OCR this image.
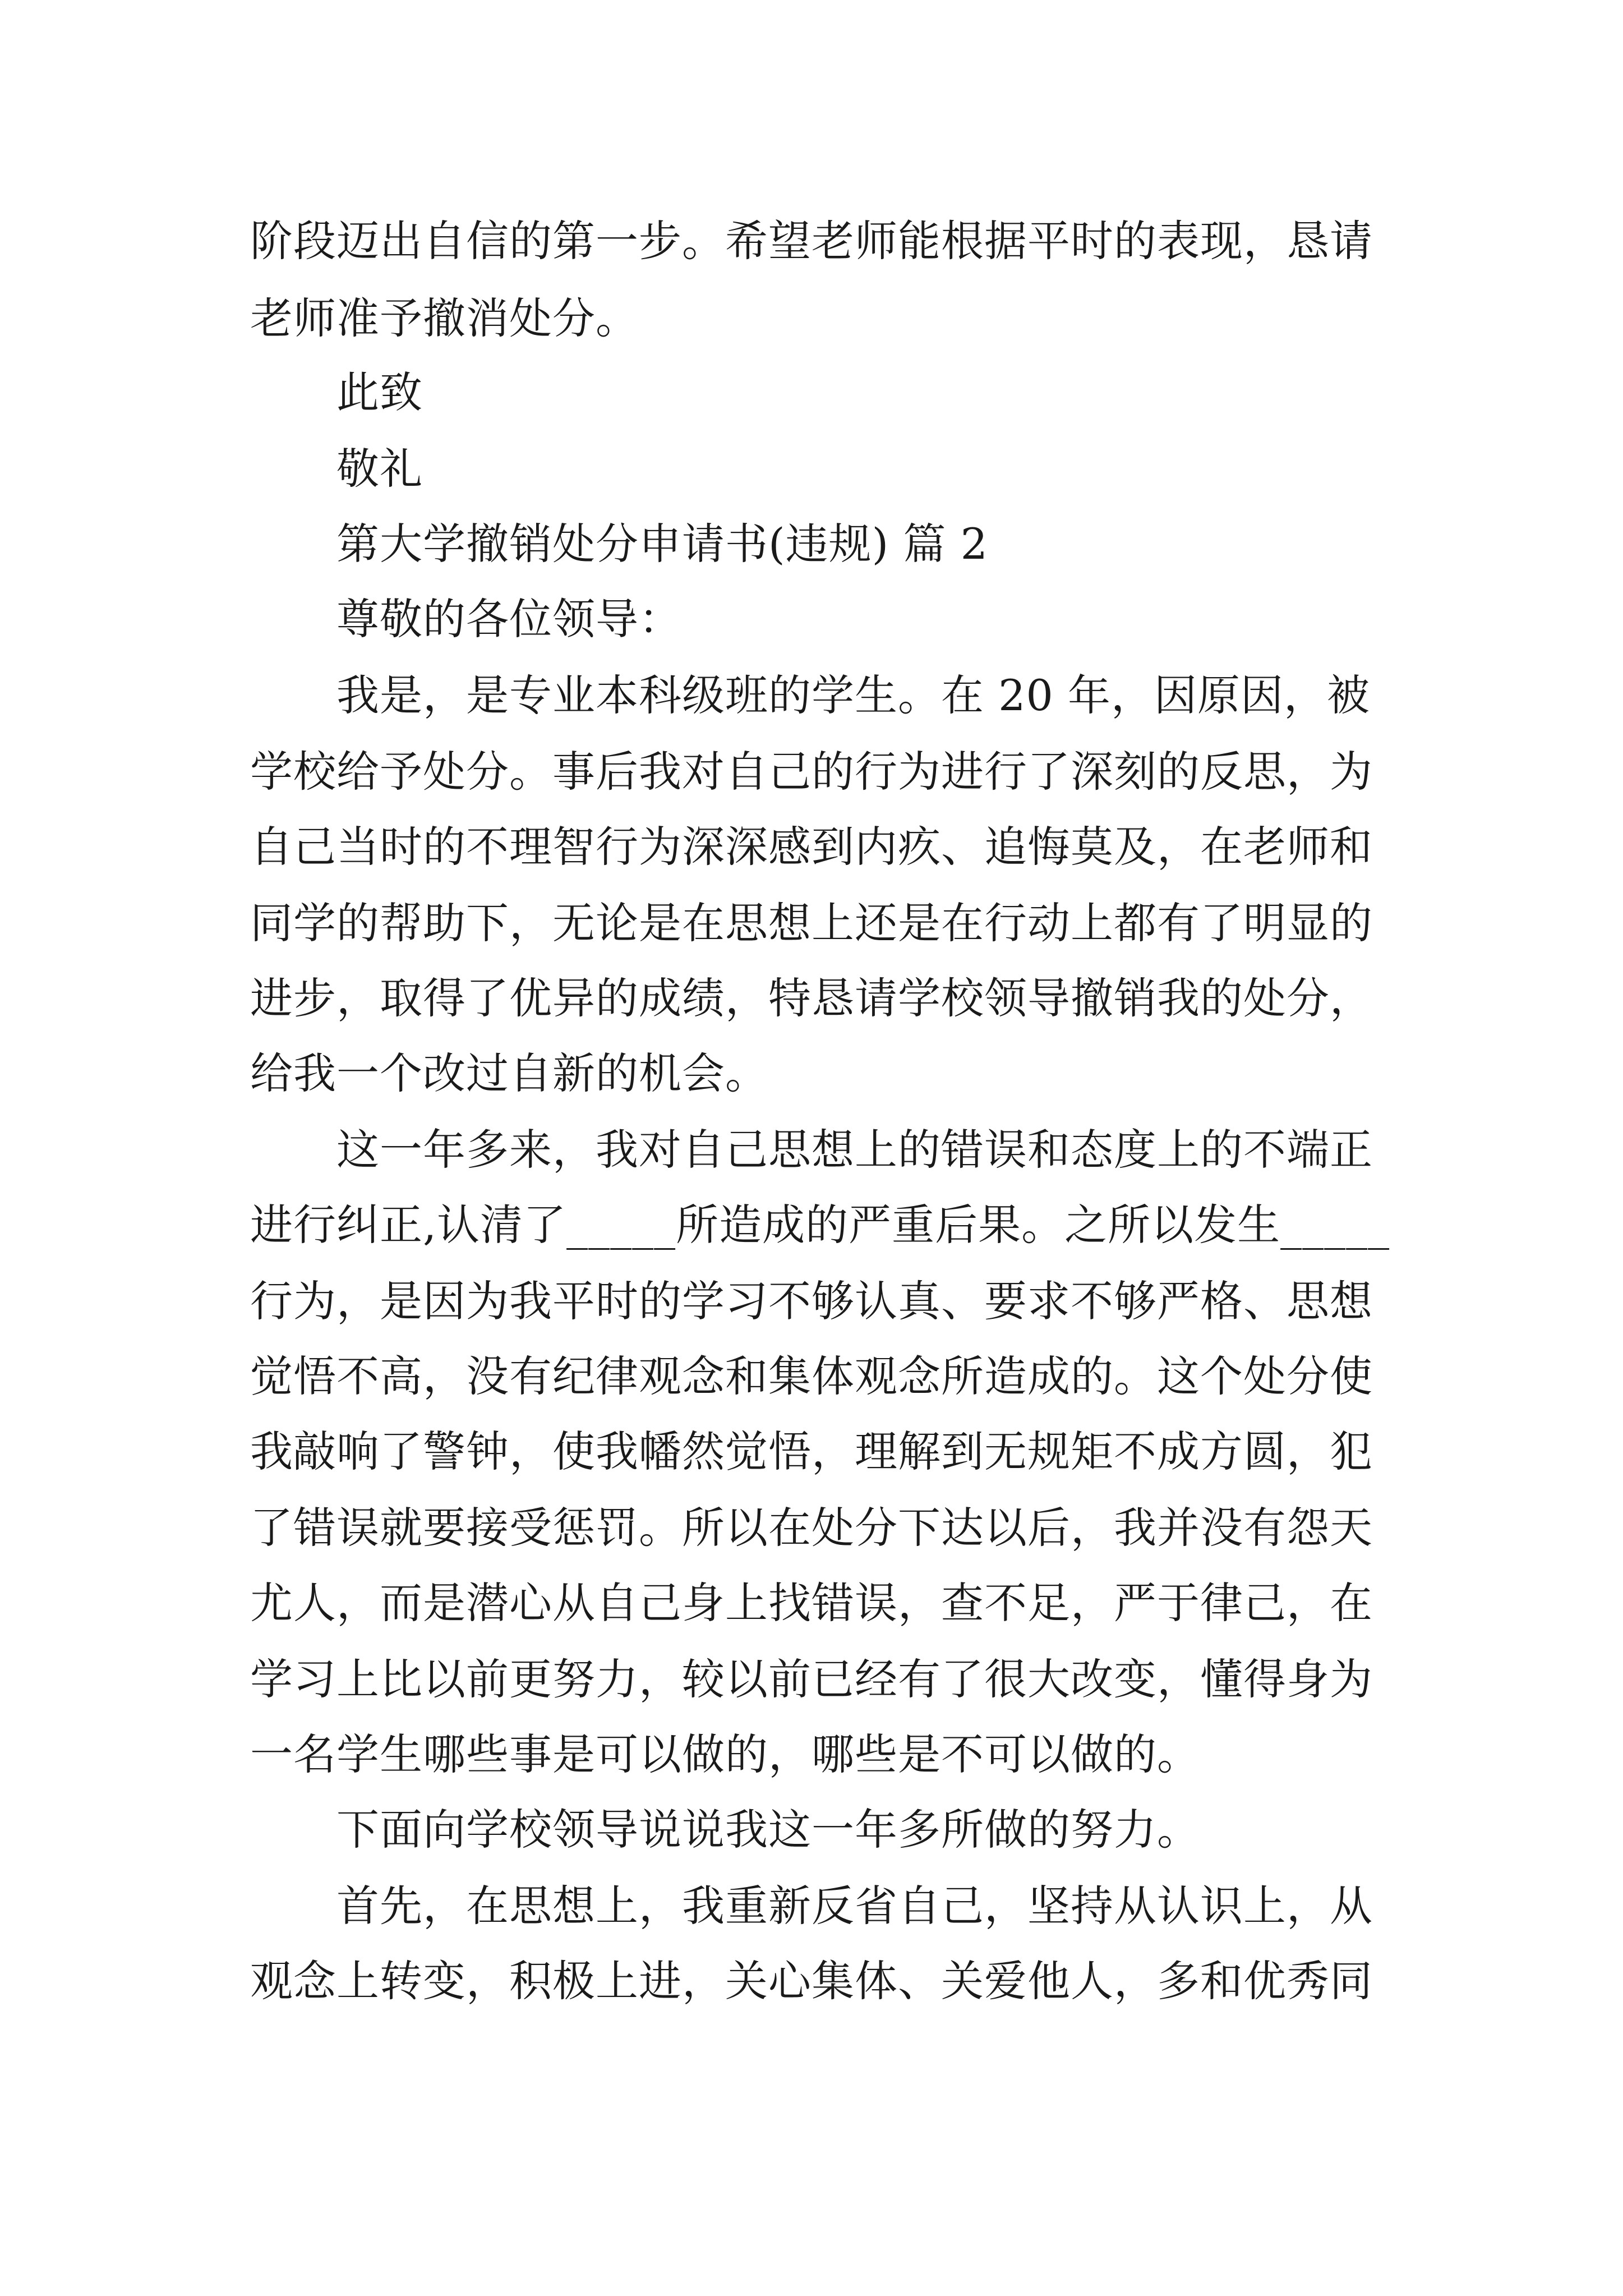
阶段迈出自信的第一步。希望老师能根据平时的表现，恳请
老师准予撤消处分。
此致
敬礼
第大学撤销处分申请书(违规) 篇 2
尊敬的各位领导：
我是，是专业本科级班的学生。在 20 年，因原因，被
学校给予处分。事后我对自己的行为进行了深刻的反思，为
自己当时的不理智行为深深感到内疚、追悔莫及，在老师和
同学的帮助下，无论是在思想上还是在行动上都有了明显的
进步，取得了优异的成绩，特恳请学校领导撤销我的处分，
给我一个改过自新的机会。
这一年多来，我对自己思想上的错误和态度上的不端正
进行纠正,认清了_____所造成的严重后果。之所以发生_____
行为，是因为我平时的学习不够认真、要求不够严格、思想
觉悟不高，没有纪律观念和集体观念所造成的。这个处分使
我敲响了警钟，使我幡然觉悟，理解到无规矩不成方圆，犯
了错误就要接受惩罚。所以在处分下达以后，我并没有怨天
尤人，而是潜心从自己身上找错误，查不足，严于律己，在
学习上比以前更努力，较以前已经有了很大改变，懂得身为
一名学生哪些事是可以做的，哪些是不可以做的。
下面向学校领导说说我这一年多所做的努力。
首先，在思想上，我重新反省自己，坚持从认识上，从
观念上转变，积极上进，关心集体、关爱他人，多和优秀同
